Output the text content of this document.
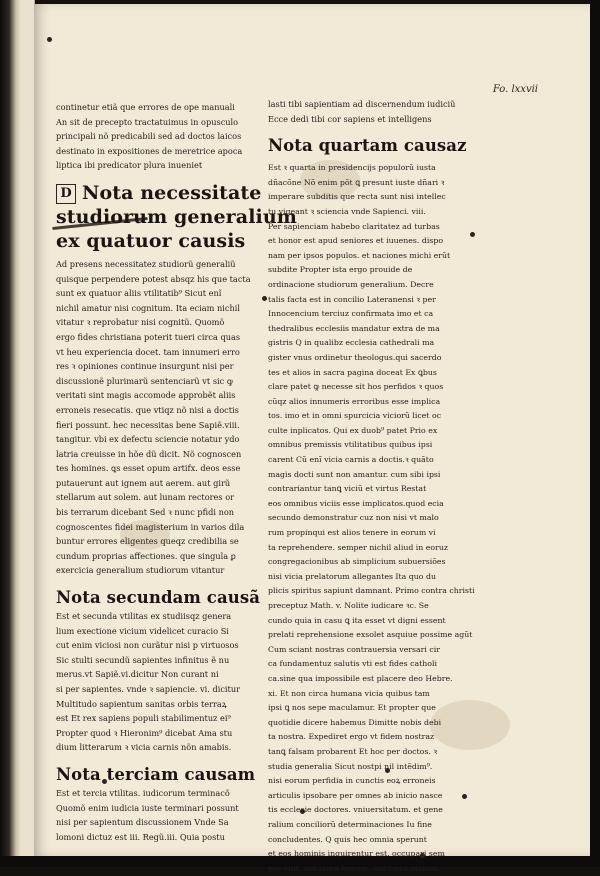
Fo. lxxvii
continetur etiã que errores de ope manuali
An sit de precepto tractatuimus in opusculo
principali nõ predicabili sed ad doctos laicos
destinato in expositiones de meretrice apoca
liptica ibi predicator plura inueniet
D Nota necessitate
studiorum generalium
ex quatuor causis
Ad presens necessitatez studiorũ generaliũ
quisque perpendere potest absqz his que tacta
sunt ex quatuor aliis vtilitatib⁹ Sicut enĩ
nichil amatur nisi cognitum. Ita eciam nichil
vitatur ꝛ reprobatur nisi cognitũ. Quomõ
ergo fides christiana poterit tueri circa quas
vt heu experiencia docet. tam innumeri erro
res ꝛ opiniones continue insurgunt nisi per
discussionẽ plurimarũ sentenciarũ vt sic ꝙ
veritati sint magis accomode approbẽt aliis
erroneis resecatis. que vtiqz nõ nisi a doctis
fieri possunt. hec necessitas bene Sapiẽ.viii.
tangitur. vbi ex defectu sciencie notatur ydo
latria creuisse in hõe dũ dicit. Nõ cognoscen
tes homines. ꝗs esset opum artifx. deos esse
putauerunt aut ignem aut aerem. aut girũ
stellarum aut solem. aut lunam rectores or
bis terrarum dicebant Sed ꝛ nunc pfidi non
cognoscentes fidei magisterium in varios dila
buntur errores eligentes queqz credibilia se
cundum proprias affectiones. que singula ꝑ
exercicia generalium studiorum vitantur
Nota secundam causã
Est et secunda vtilitas ex studiisqz genera
lium exectione vicium videlicet curacio Si
cut enim viciosi non curãtur nisi p virtuosos
Sic stulti secundũ sapientes infinitus ẽ nu
merus.vt Sapiẽ.vi.dicitur Non curant ni
si per sapientes. vnde ꝛ sapiencie. vi. dicitur
Multitudo sapientum sanitas orbis terraꝝ
est Et rex sapiens populi stabilimentuz ei⁹
Propter quod ꝛ Hieronim⁹ dicebat Ama stu
dium litterarum ꝛ vicia carnis nõn amabis.
Nota terciam causam
Est et tercia vtilitas. iudicorum terminacõ
Quomõ enim iudicia iuste terminari possunt
nisi per sapientum discussionem Vnde Sa
lomoni dictuz est iii. Regũ.iii. Quia postu
lasti tibi sapientiam ad discernendum iudiciũ
Ecce dedi tibi cor sapiens et intelligens
Nota quartam causaz
Est ꝛ quarta in presidencijs populorũ iusta
dñacõne Nõ enim põt ꝗ presunt iuste dñari ꝛ
imperare subditis que recta sunt nisi intellec
tu vigeant ꝛ sciencia vnde Sapienci. viii.
Per sapienciam habebo claritatez ad turbas
et honor est apud seniores et iuuenes. dispo
nam per ipsos populos. et naciones michi erũt
subdite Propter ista ergo prouide de
ordinacione studiorum generalium. Decre
talis facta est in concilio Lateranensi ꝛ per
Innocencium terciuz confirmata imo et ca
thedralibus ecclesiis mandatur extra de ma
gistris Q in qualibz ecclesia cathedrali ma
gister vnus ordinetur theologus.qui sacerdo
tes et alios in sacra pagina doceat Ex ꝗbus
clare patet ꝙ necesse sit hos perfidos ꝛ quos
cũqz alios innumeris erroribus esse implica
tos. imo et in omni spurcicia viciorũ licet oc
culte inplicatos. Qui ex duob⁹ patet Prio ex
omnibus premissis vtilitatibus quibus ipsi
carent Cũ enĩ vicia carnis a doctis.ꝛ quãto
magis docti sunt non amantur. cum sibi ipsi
contrariantur tanꝗ viciũ et virtus Restat
eos omnibus viciis esse implicatos.quod ecia
secundo demonstratur cuz non nisi vt malo
rum propinqui est alios tenere in eorum vi
ta reprehendere. semper nichil aliud in eoruz
congregacionibus ab simplicium subuersiões
nisi vicia prelatorum allegantes Ita quo du
plicis spiritus sapiunt damnant. Primo contra christi
preceptuz Math. v. Nolite iudicare ꝛc. Se
cundo quia in casu ꝗ ita esset vt digni essent
prelati reprehensione exsolet asquiue possime agũt
Cum sciant nostras contrauersia versari cir
ca fundamentuz salutis vti est fides catholi
ca.sine qua impossibile est placere deo Hebre.
xi. Et non circa humana vicia quibus tam
ipsi ꝗ nos sepe maculamur. Et propter que
quotidie dicere habemus Dimitte nobis debi
ta nostra. Expediret ergo vt fidem nostraz
tanꝗ falsam probarent Et hoc per doctos. ꝛ
studia generalia Sicut nostpi nil intẽdim⁹.
nisi eorum perfidia in cunctis eoꝝ erroneis
articulis ipsobare per omnes ab inicio nasce
tis ecclesie doctores. vniuersitatum. et gene
ralium conciliorũ determinaciones Iu fine
concludentes. Q quis hec omnia sperunt
et eos hominis inquirentur est. occupari sem
per vult. aut circa bonum. aut circa malum.
